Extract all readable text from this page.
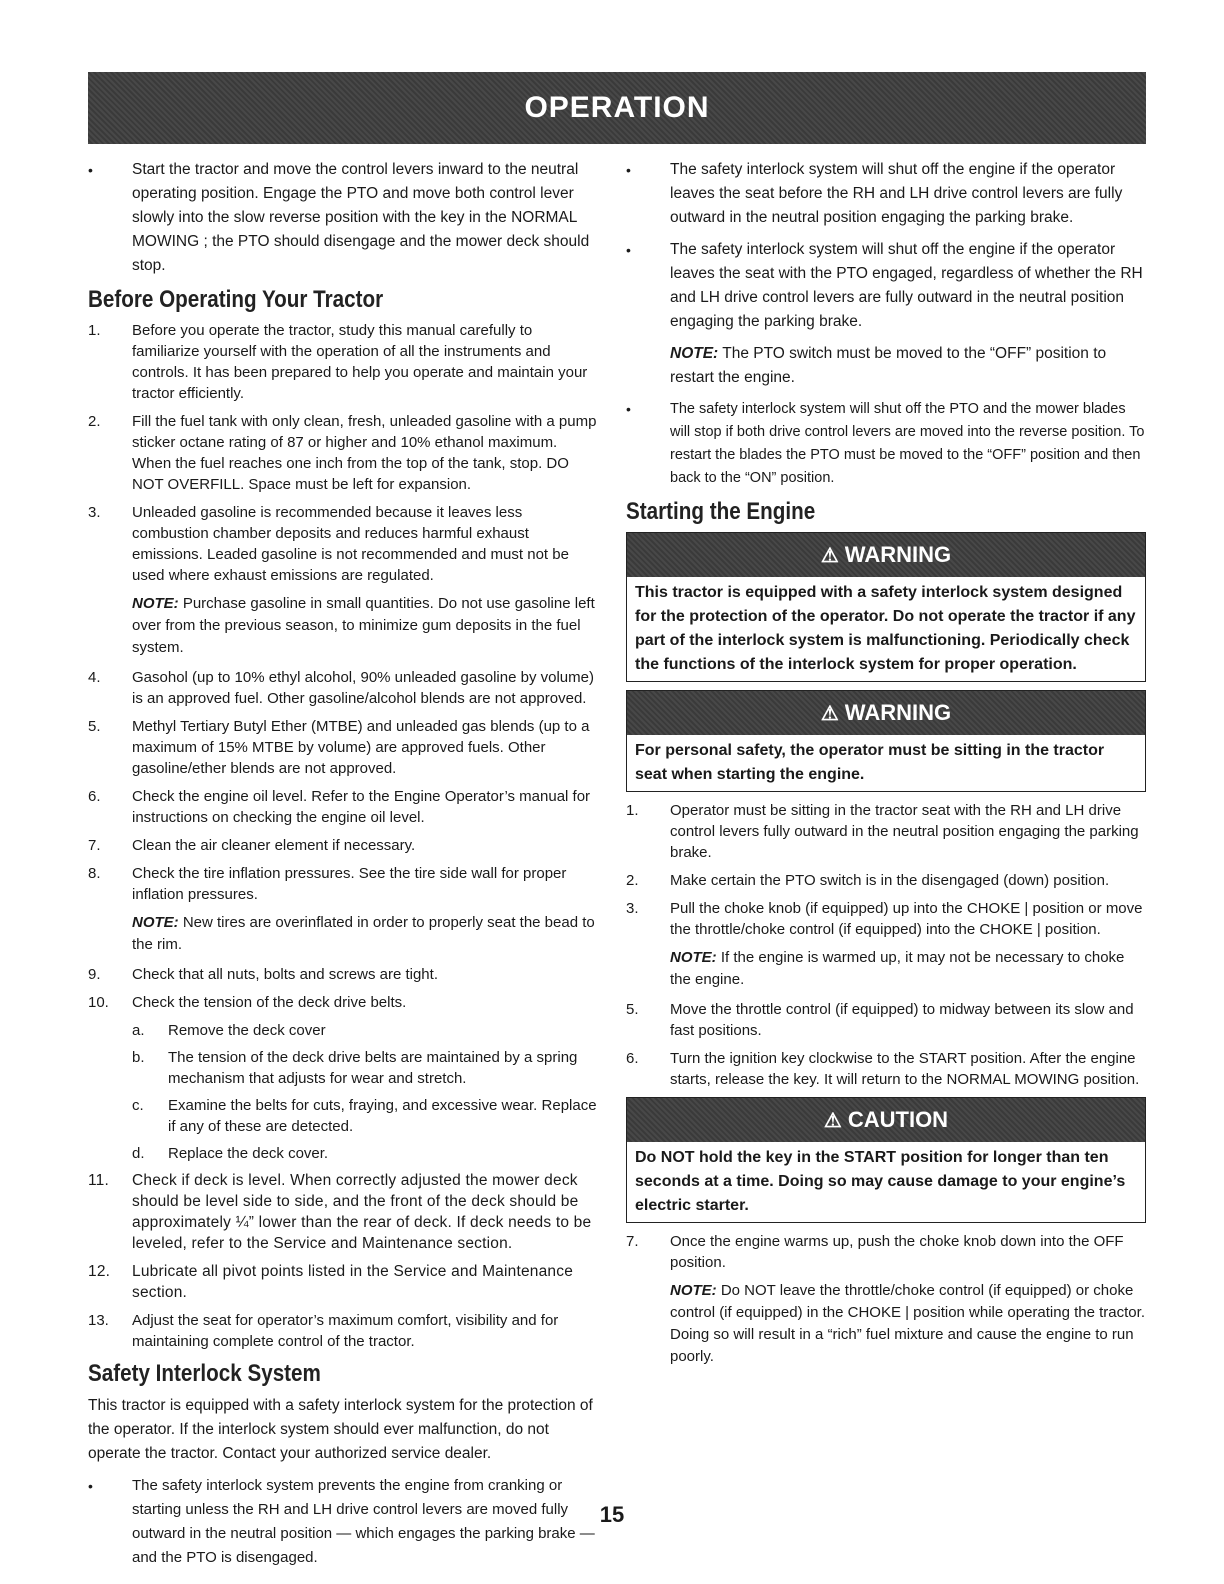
OPERATION
•	Start the tractor and move the control levers inward to the neutral operating position. Engage the PTO and move both control lever slowly into the slow reverse position with the key in the NORMAL MOWING ; the PTO should disengage and the mower deck should stop.
Before Operating Your Tractor
1.	Before you operate the tractor, study this manual carefully to familiarize yourself with the operation of all the instruments and controls. It has been prepared to help you operate and maintain your tractor efficiently.
2.	Fill the fuel tank with only clean, fresh, unleaded gasoline with a pump sticker octane rating of 87 or higher and 10% ethanol maximum. When the fuel reaches one inch from the top of the tank, stop. DO NOT OVERFILL. Space must be left for expansion.
3.	Unleaded gasoline is recommended because it leaves less combustion chamber deposits and reduces harmful exhaust emissions. Leaded gasoline is not recommended and must not be used where exhaust emissions are regulated.
NOTE: Purchase gasoline in small quantities. Do not use gasoline left over from the previous season, to minimize gum deposits in the fuel system.
4.	Gasohol (up to 10% ethyl alcohol, 90% unleaded gasoline by volume) is an approved fuel. Other gasoline/alcohol blends are not approved.
5.	Methyl Tertiary Butyl Ether (MTBE) and unleaded gas blends (up to a maximum of 15% MTBE by volume) are approved fuels. Other gasoline/ether blends are not approved.
6.	Check the engine oil level. Refer to the Engine Operator’s manual for instructions on checking the engine oil level.
7.	Clean the air cleaner element if necessary.
8.	Check the tire inflation pressures. See the tire side wall for proper inflation pressures.
NOTE: New tires are overinflated in order to properly seat the bead to the rim.
9.	Check that all nuts, bolts and screws are tight.
10.	Check the tension of the deck drive belts.
a.	Remove the deck cover
b.	The tension of the deck drive belts are maintained by a spring mechanism that adjusts for wear and stretch.
c.	Examine the belts for cuts, fraying, and excessive wear. Replace if any of these are detected.
d.	Replace the deck cover.
11.	Check if deck is level. When correctly adjusted the mower deck should be level side to side, and the front of the deck should be approximately ¼” lower than the rear of deck. If deck needs to be leveled, refer to the Service and Maintenance section.
12.	Lubricate all pivot points listed in the Service and Maintenance section.
13.	Adjust the seat for operator’s maximum comfort, visibility and for maintaining complete control of the tractor.
Safety Interlock System

This tractor is equipped with a safety interlock system for the protection of the operator. If the interlock system should ever malfunction, do not operate the tractor. Contact your authorized service dealer.

•	The safety interlock system prevents the engine from cranking or starting unless the RH and LH drive control levers are moved fully outward in the neutral position — which engages the parking brake — and the PTO is disengaged.
•	The safety interlock system will shut off the engine if the operator leaves the seat before the RH and LH drive control levers are fully outward in the neutral position engaging the parking brake.
•	The safety interlock system will shut off the engine if the operator leaves the seat with the PTO engaged, regardless of whether the RH and LH drive control levers are fully outward in the neutral position engaging the parking brake.
NOTE: The PTO switch must be moved to the “OFF” position to restart the engine.
•	The safety interlock system will shut off the PTO and the mower blades will stop if both drive control levers are moved into the reverse position. To restart the blades the PTO must be moved to the “OFF” position and then back to the “ON” position.
Starting the Engine
⚠ WARNING
This tractor is equipped with a safety interlock system designed for the protection of the operator. Do not operate the tractor if any part of the interlock system is malfunctioning. Periodically check the functions of the interlock system for proper operation.
⚠ WARNING
For personal safety, the operator must be sitting in the tractor seat when starting the engine.
1.	Operator must be sitting in the tractor seat with the RH and LH drive control levers fully outward in the neutral position engaging the parking brake.
2.	Make certain the PTO switch is in the disengaged (down) position.
3.	Pull the choke knob (if equipped) up into the CHOKE | position or move the throttle/choke control (if equipped) into the CHOKE | position.
NOTE: If the engine is warmed up, it may not be necessary to choke the engine.
5.	Move the throttle control (if equipped) to midway between its slow and fast positions.
6.	Turn the ignition key clockwise to the START position. After the engine starts, release the key. It will return to the NORMAL MOWING position.
⚠ CAUTION
Do NOT hold the key in the START position for longer than ten seconds at a time. Doing so may cause damage to your engine’s electric starter.
7.	Once the engine warms up, push the choke knob down into the OFF position.
NOTE: Do NOT leave the throttle/choke control (if equipped) or choke control (if equipped) in the CHOKE | position while operating the tractor. Doing so will result in a “rich” fuel mixture and cause the engine to run poorly.
15
